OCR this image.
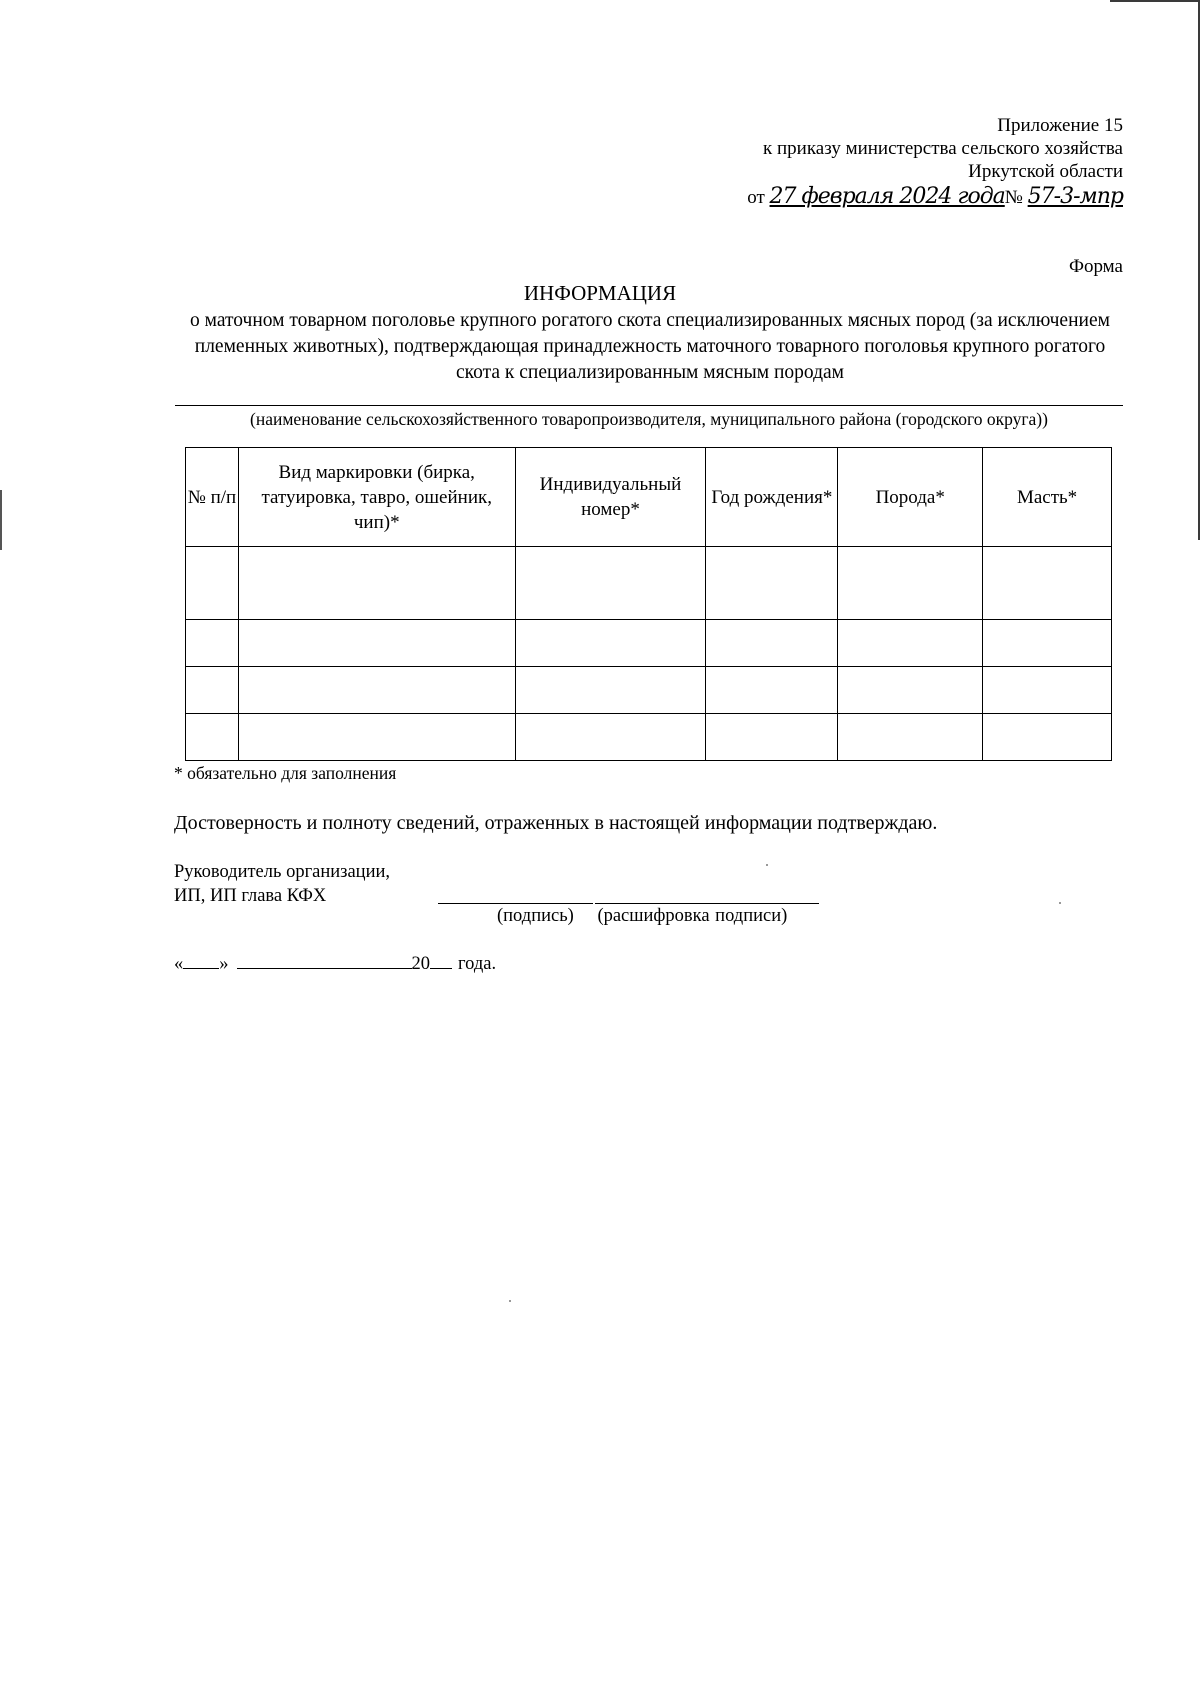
Приложение 15
к приказу министерства сельского хозяйства
Иркутской области
от 27 февраля 2024 года№ 57-3-мпр
Форма
ИНФОРМАЦИЯ
о маточном товарном поголовье крупного рогатого скота специализированных мясных пород (за исключением племенных животных), подтверждающая принадлежность маточного товарного поголовья крупного рогатого скота к специализированным мясным породам
(наименование сельскохозяйственного товаропроизводителя, муниципального района (городского округа))
№ п/п	Вид маркировки (бирка, татуировка, тавро, ошейник, чип)*	Индивидуальный номер*	Год рождения*	Порода*	Масть*

* обязательно для заполнения
Достоверность и полноту сведений, отраженных в настоящей информации подтверждаю.
Руководитель организации,
ИП, ИП глава КФХ
(подпись) (расшифровка подписи)
« »	20 года.
